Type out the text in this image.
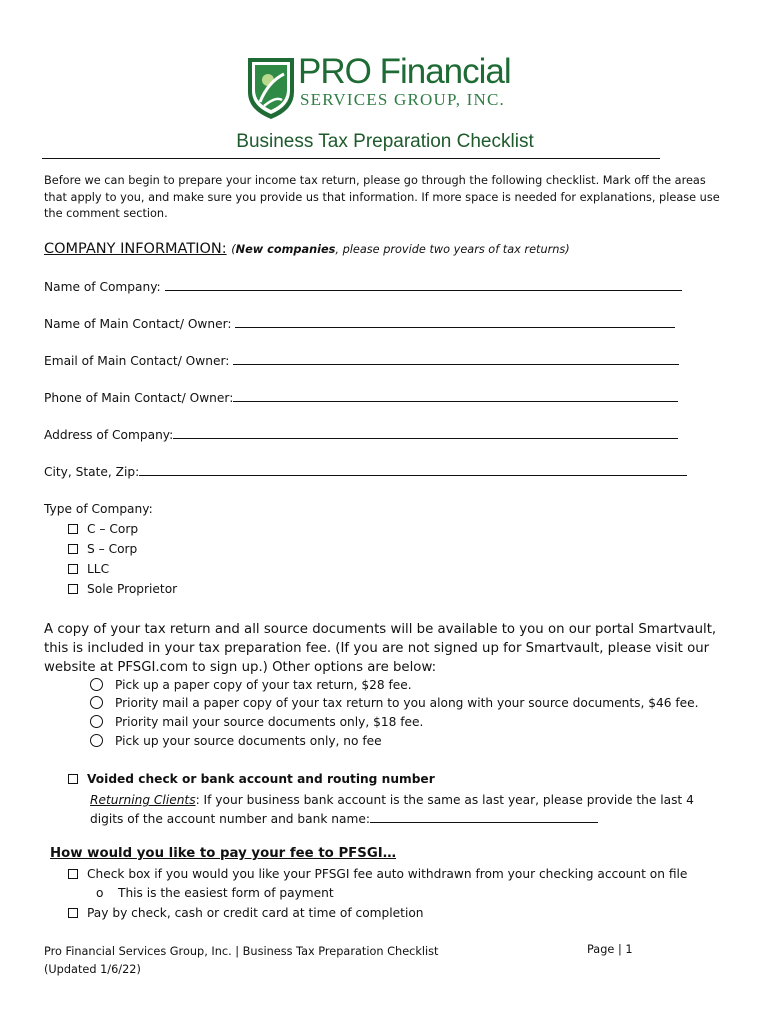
PRO Financial
SERVICES GROUP, INC.
Business Tax Preparation Checklist
Before we can begin to prepare your income tax return, please go through the following checklist. Mark off the areas that apply to you, and make sure you provide us that information. If more space is needed for explanations, please use the comment section.
COMPANY INFORMATION: (New companies, please provide two years of tax returns)
Name of Company:
Name of Main Contact/ Owner:
Email of Main Contact/ Owner:
Phone of Main Contact/ Owner:
Address of Company:
City, State, Zip:
Type of Company:
C – Corp
S – Corp
LLC
Sole Proprietor
A copy of your tax return and all source documents will be available to you on our portal Smartvault, this is included in your tax preparation fee. (If you are not signed up for Smartvault, please visit our website at PFSGI.com to sign up.) Other options are below:
Pick up a paper copy of your tax return, $28 fee.
Priority mail a paper copy of your tax return to you along with your source documents, $46 fee.
Priority mail your source documents only, $18 fee.
Pick up your source documents only, no fee
Voided check or bank account and routing number
Returning Clients: If your business bank account is the same as last year, please provide the last 4 digits of the account number and bank name:
How would you like to pay your fee to PFSGI…
Check box if you would you like your PFSGI fee auto withdrawn from your checking account on file
o This is the easiest form of payment
Pay by check, cash or credit card at time of completion
Pro Financial Services Group, Inc. | Business Tax Preparation Checklist
(Updated 1/6/22)
Page | 1
